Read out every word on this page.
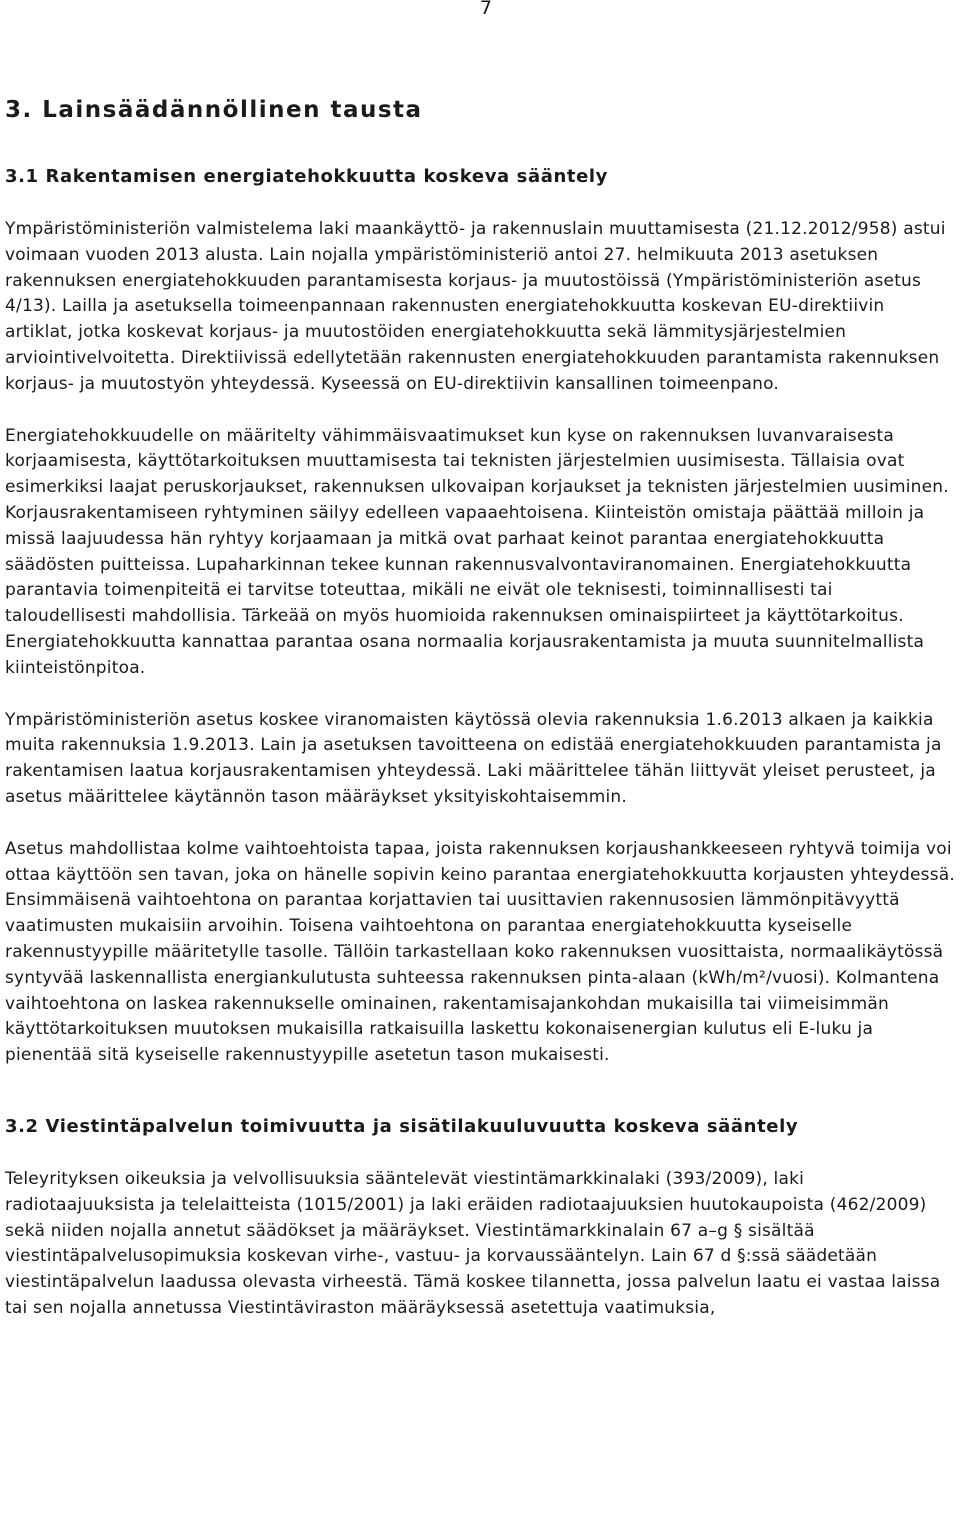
7
3. Lainsäädännöllinen tausta
3.1 Rakentamisen energiatehokkuutta koskeva sääntely

Ympäristöministeriön valmistelema laki maankäyttö- ja rakennuslain muuttamisesta (21.12.2012/958) astui voimaan vuoden 2013 alusta. Lain nojalla ympäristöministeriö antoi 27. helmikuuta 2013 asetuksen rakennuksen energiatehokkuuden parantamisesta korjaus- ja muutostöissä (Ympäristöministeriön asetus 4/13). Lailla ja asetuksella toimeenpannaan rakennusten energiatehokkuutta koskevan EU-direktiivin artiklat, jotka koskevat korjaus- ja muutostöiden energiatehokkuutta sekä lämmitysjärjestelmien arviointivelvoitetta. Direktiivissä edellytetään rakennusten energiatehokkuuden parantamista rakennuksen korjaus- ja muutostyön yhteydessä. Kyseessä on EU-direktiivin kansallinen toimeenpano.

Energiatehokkuudelle on määritelty vähimmäisvaatimukset kun kyse on rakennuksen luvanvaraisesta korjaamisesta, käyttötarkoituksen muuttamisesta tai teknisten järjestelmien uusimisesta. Tällaisia ovat esimerkiksi laajat peruskorjaukset, rakennuksen ulkovaipan korjaukset ja teknisten järjestelmien uusiminen. Korjausrakentamiseen ryhtyminen säilyy edelleen vapaaehtoisena. Kiinteistön omistaja päättää milloin ja missä laajuudessa hän ryhtyy korjaamaan ja mitkä ovat parhaat keinot parantaa energiatehokkuutta säädösten puitteissa. Lupaharkinnan tekee kunnan rakennusvalvontaviranomainen. Energiatehokkuutta parantavia toimenpiteitä ei tarvitse toteuttaa, mikäli ne eivät ole teknisesti, toiminnallisesti tai taloudellisesti mahdollisia. Tärkeää on myös huomioida rakennuksen ominaispiirteet ja käyttötarkoitus. Energiatehokkuutta kannattaa parantaa osana normaalia korjausrakentamista ja muuta suunnitelmallista kiinteistönpitoa.

Ympäristöministeriön asetus koskee viranomaisten käytössä olevia rakennuksia 1.6.2013 alkaen ja kaikkia muita rakennuksia 1.9.2013. Lain ja asetuksen tavoitteena on edistää energiatehokkuuden parantamista ja rakentamisen laatua korjausrakentamisen yhteydessä. Laki määrittelee tähän liittyvät yleiset perusteet, ja asetus määrittelee käytännön tason määräykset yksityiskohtaisemmin.

Asetus mahdollistaa kolme vaihtoehtoista tapaa, joista rakennuksen korjaushankkeeseen ryhtyvä toimija voi ottaa käyttöön sen tavan, joka on hänelle sopivin keino parantaa energiatehokkuutta korjausten yhteydessä. Ensimmäisenä vaihtoehtona on parantaa korjattavien tai uusittavien rakennusosien lämmönpitävyyttä vaatimusten mukaisiin arvoihin. Toisena vaihtoehtona on parantaa energiatehokkuutta kyseiselle rakennustyypille määritetylle tasolle. Tällöin tarkastellaan koko rakennuksen vuosittaista, normaalikäytössä syntyvää laskennallista energiankulutusta suhteessa rakennuksen pinta-alaan (kWh/m²/vuosi). Kolmantena vaihtoehtona on laskea rakennukselle ominainen, rakentamisajankohdan mukaisilla tai viimeisimmän käyttötarkoituksen muutoksen mukaisilla ratkaisuilla laskettu kokonaisenergian kulutus eli E-luku ja pienentää sitä kyseiselle rakennustyypille asetetun tason mukaisesti.

3.2 Viestintäpalvelun toimivuutta ja sisätilakuuluvuutta koskeva sääntely

Teleyrityksen oikeuksia ja velvollisuuksia sääntelevät viestintämarkkinalaki (393/2009), laki radiotaajuuksista ja telelaitteista (1015/2001) ja laki eräiden radiotaajuuksien huutokaupoista (462/2009) sekä niiden nojalla annetut säädökset ja määräykset. Viestintämarkkinalain 67 a–g § sisältää viestintäpalvelusopimuksia koskevan virhe-, vastuu- ja korvaussääntelyn. Lain 67 d §:ssä säädetään viestintäpalvelun laadussa olevasta virheestä. Tämä koskee tilannetta, jossa palvelun laatu ei vastaa laissa tai sen nojalla annetussa Viestintäviraston määräyksessä asetettuja vaatimuksia,
